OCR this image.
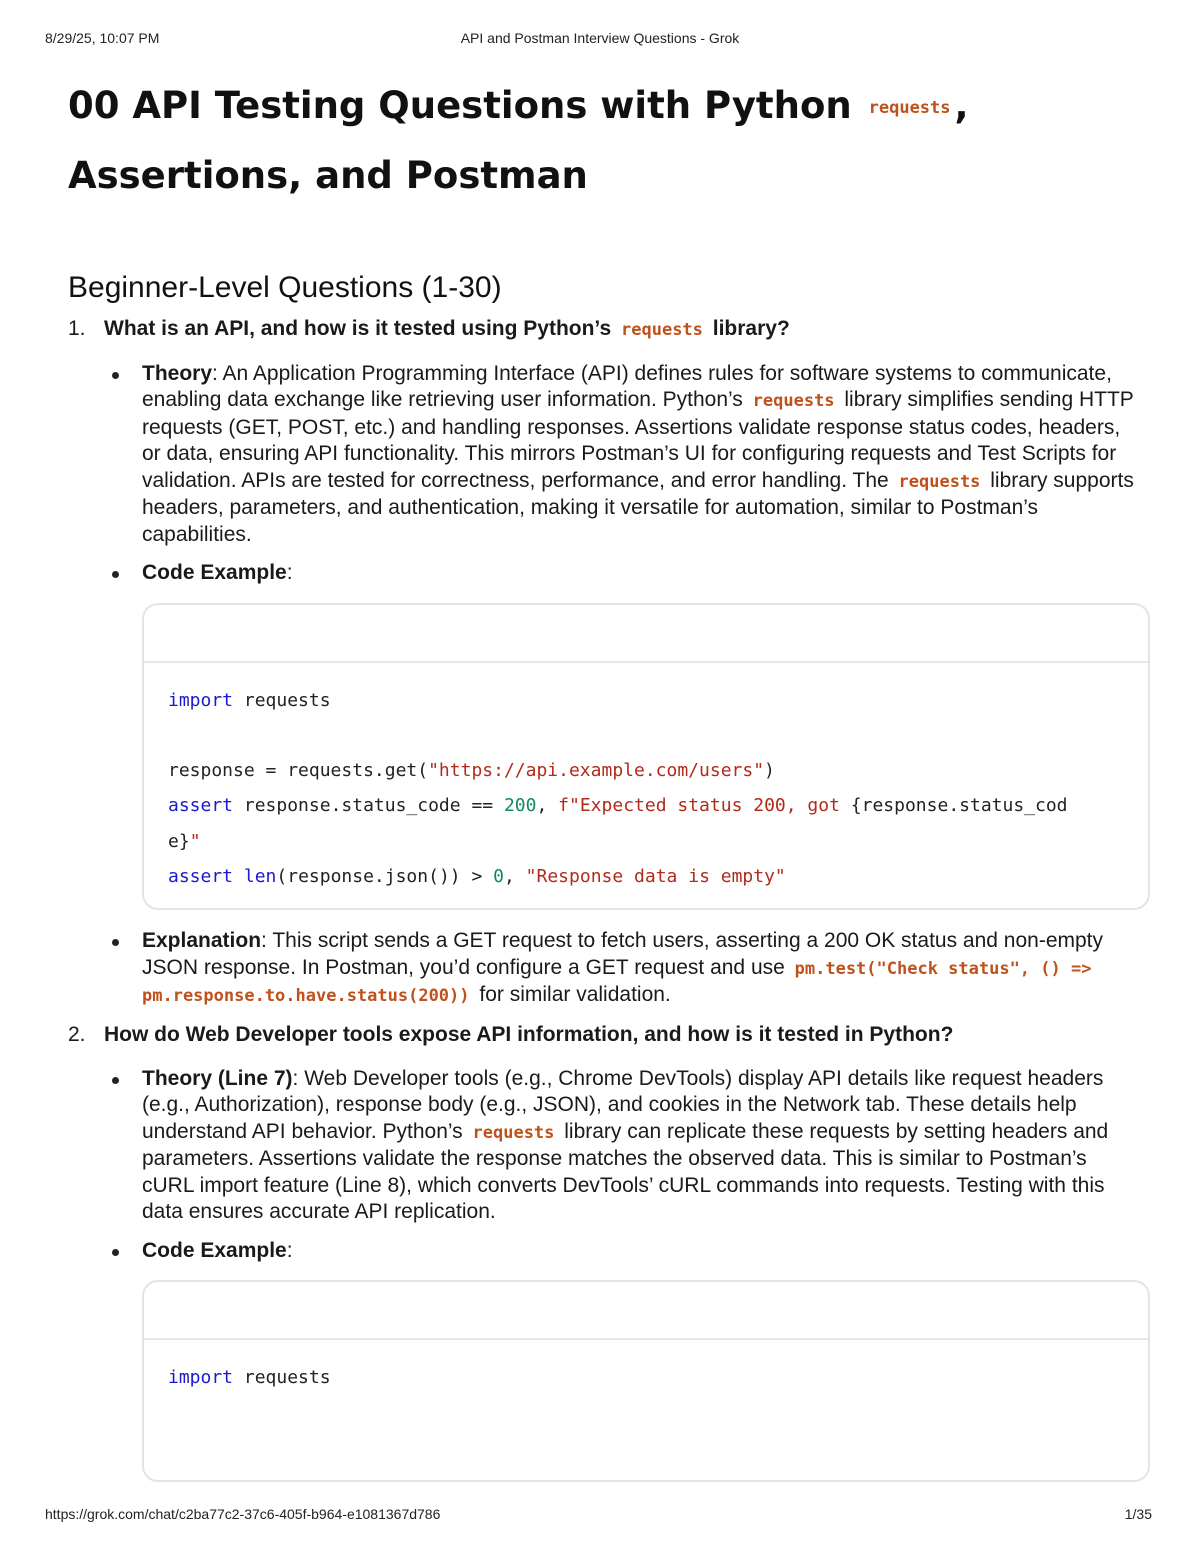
8/29/25, 10:07 PM	API and Postman Interview Questions - Grok
00 API Testing Questions with Python requests ,
Assertions, and Postman
Beginner-Level Questions (1-30)
1. What is an API, and how is it tested using Python’s requests library?
Theory: An Application Programming Interface (API) defines rules for software systems to communicate, enabling data exchange like retrieving user information. Python’s requests library simplifies sending HTTP requests (GET, POST, etc.) and handling responses. Assertions validate response status codes, headers, or data, ensuring API functionality. This mirrors Postman’s UI for configuring requests and Test Scripts for validation. APIs are tested for correctness, performance, and error handling. The requests library supports headers, parameters, and authentication, making it versatile for automation, similar to Postman’s capabilities.
Code Example:
import requests

response = requests.get("https://api.example.com/users")
assert response.status_code == 200, f"Expected status 200, got {response.status_cod
e}"
assert len(response.json()) > 0, "Response data is empty"
Explanation: This script sends a GET request to fetch users, asserting a 200 OK status and non-empty JSON response. In Postman, you’d configure a GET request and use pm.test("Check status", () => pm.response.to.have.status(200)) for similar validation.
2. How do Web Developer tools expose API information, and how is it tested in Python?
Theory (Line 7): Web Developer tools (e.g., Chrome DevTools) display API details like request headers (e.g., Authorization), response body (e.g., JSON), and cookies in the Network tab. These details help understand API behavior. Python’s requests library can replicate these requests by setting headers and parameters. Assertions validate the response matches the observed data. This is similar to Postman’s cURL import feature (Line 8), which converts DevTools’ cURL commands into requests. Testing with this data ensures accurate API replication.
Code Example:
import requests

https://grok.com/chat/c2ba77c2-37c6-405f-b964-e1081367d786	1/35
